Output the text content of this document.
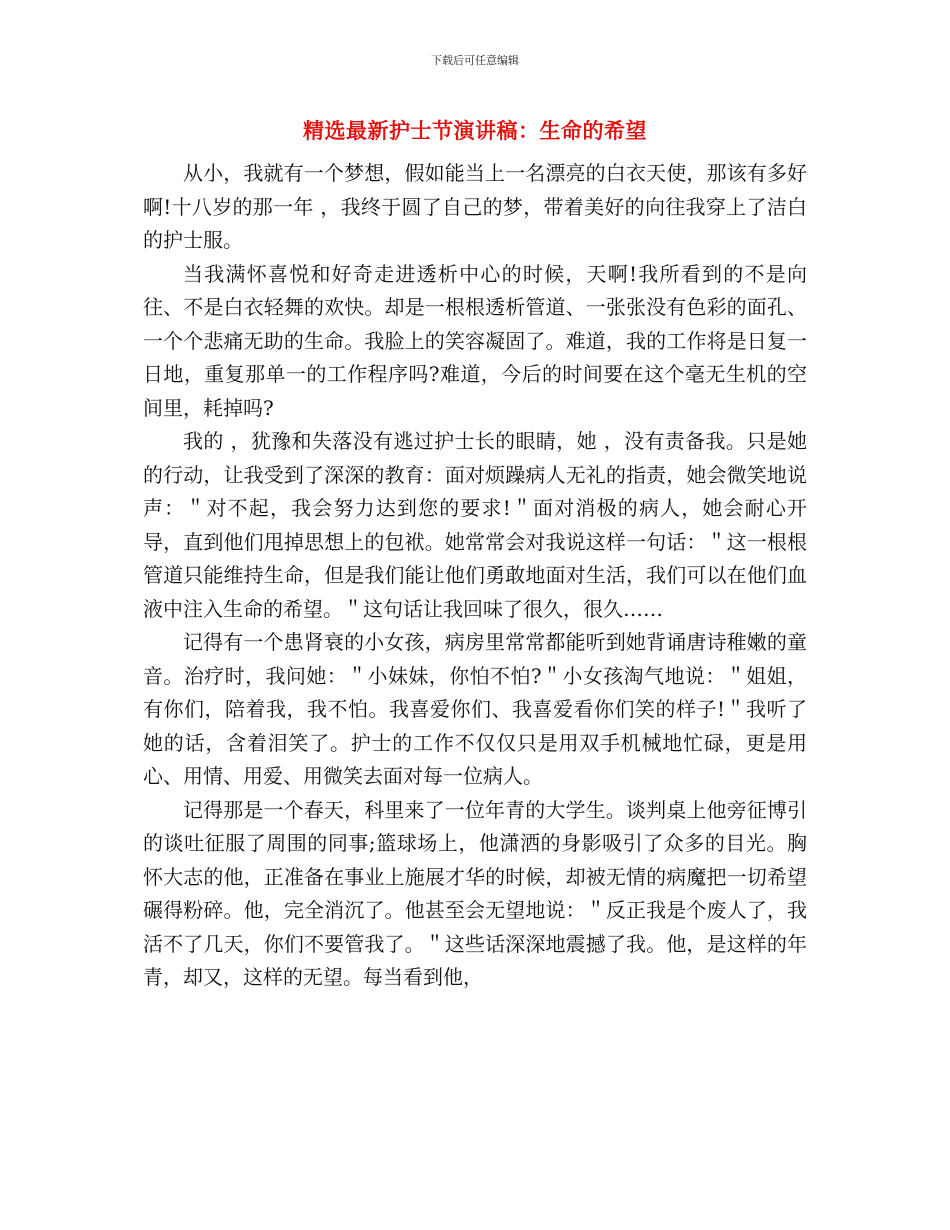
下载后可任意编辑
精选最新护士节演讲稿：生命的希望

从小，我就有一个梦想，假如能当上一名漂亮的白衣天使，那该有多好啊!十八岁的那一年 ，我终于圆了自己的梦，带着美好的向往我穿上了洁白的护士服。

当我满怀喜悦和好奇走进透析中心的时候，天啊!我所看到的不是向往、不是白衣轻舞的欢快。却是一根根透析管道、一张张没有色彩的面孔、一个个悲痛无助的生命。我脸上的笑容凝固了。难道，我的工作将是日复一日地，重复那单一的工作程序吗?难道，今后的时间要在这个毫无生机的空间里，耗掉吗?

我的 ，犹豫和失落没有逃过护士长的眼睛，她 ，没有责备我。只是她的行动，让我受到了深深的教育：面对烦躁病人无礼的指责，她会微笑地说声：＂对不起，我会努力达到您的要求!＂面对消极的病人，她会耐心开导，直到他们甩掉思想上的包袱。她常常会对我说这样一句话：＂这一根根管道只能维持生命，但是我们能让他们勇敢地面对生活，我们可以在他们血液中注入生命的希望。＂这句话让我回味了很久，很久……

记得有一个患肾衰的小女孩，病房里常常都能听到她背诵唐诗稚嫩的童音。治疗时，我问她：＂小妹妹，你怕不怕?＂小女孩淘气地说：＂姐姐，有你们，陪着我，我不怕。我喜爱你们、我喜爱看你们笑的样子!＂我听了她的话，含着泪笑了。护士的工作不仅仅只是用双手机械地忙碌，更是用心、用情、用爱、用微笑去面对每一位病人。

记得那是一个春天，科里来了一位年青的大学生。谈判桌上他旁征博引的谈吐征服了周围的同事;篮球场上，他潇洒的身影吸引了众多的目光。胸怀大志的他，正准备在事业上施展才华的时候，却被无情的病魔把一切希望碾得粉碎。他，完全消沉了。他甚至会无望地说：＂反正我是个废人了，我活不了几天，你们不要管我了。＂这些话深深地震撼了我。他，是这样的年青，却又，这样的无望。每当看到他，
